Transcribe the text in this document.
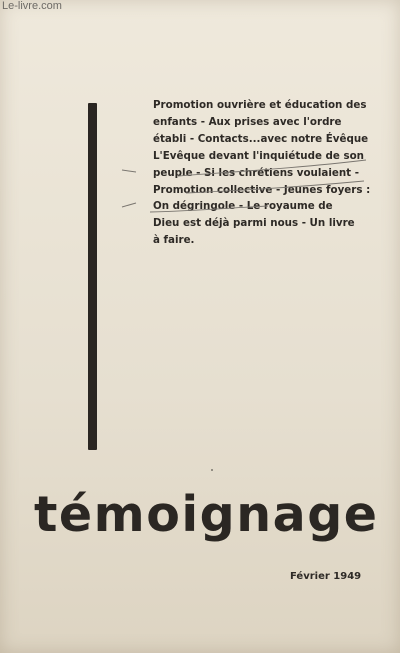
Le-livre.com

Promotion ouvrière et éducation des
enfants - Aux prises avec l'ordre
établi - Contacts...avec notre Évêque
L'Evêque devant l'inquiétude de son
peuple - Si les chrétiens voulaient -
Promotion collective - Jeunes foyers :
On dégringole - Le royaume de
Dieu est déjà parmi nous - Un livre
à faire.

témoignage
Février 1949
